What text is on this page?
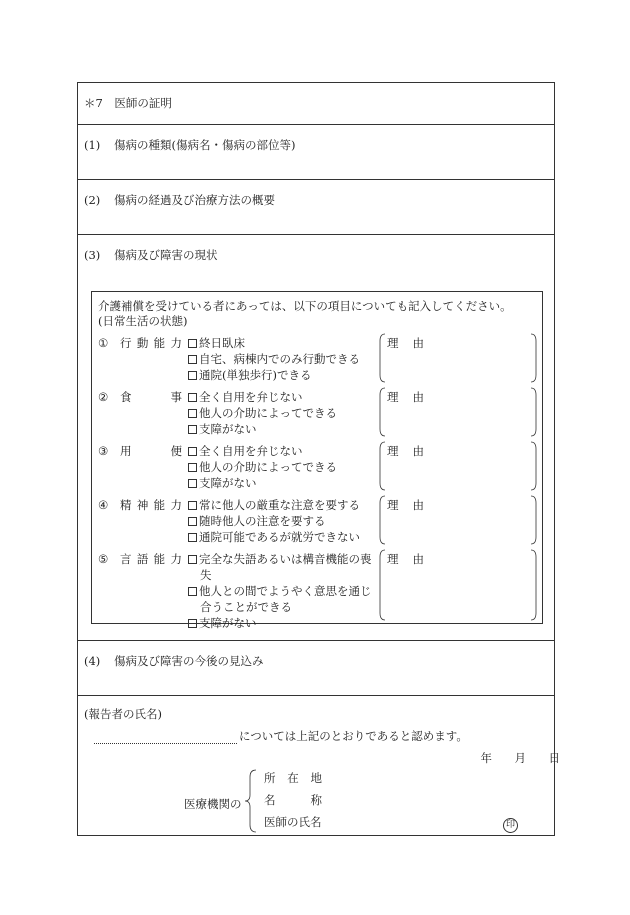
＊7　医師の証明
(1) 傷病の種類(傷病名・傷病の部位等)
(2) 傷病の経過及び治療方法の概要
(3) 傷病及び障害の現状
介護補償を受けている者にあっては、以下の項目についても記入してください。
(日常生活の状態)
① 行動能力	終日臥床
自宅、病棟内でのみ行動できる
通院(単独歩行)できる
理由
② 食事	全く自用を弁じない
他人の介助によってできる
支障がない
理由
③ 用便	全く自用を弁じない
他人の介助によってできる
支障がない
理由
④ 精神能力	常に他人の厳重な注意を要する
随時他人の注意を要する
通院可能であるが就労できない
理由
⑤ 言語能力	完全な失語あるいは構音機能の喪失
他人との間でようやく意思を通じ合うことができる
支障がない
理由
(4) 傷病及び障害の今後の見込み
(報告者の氏名)
については上記のとおりであると認めます。
年 月 日
医療機関の
所在地
名称
医師の氏名	印
